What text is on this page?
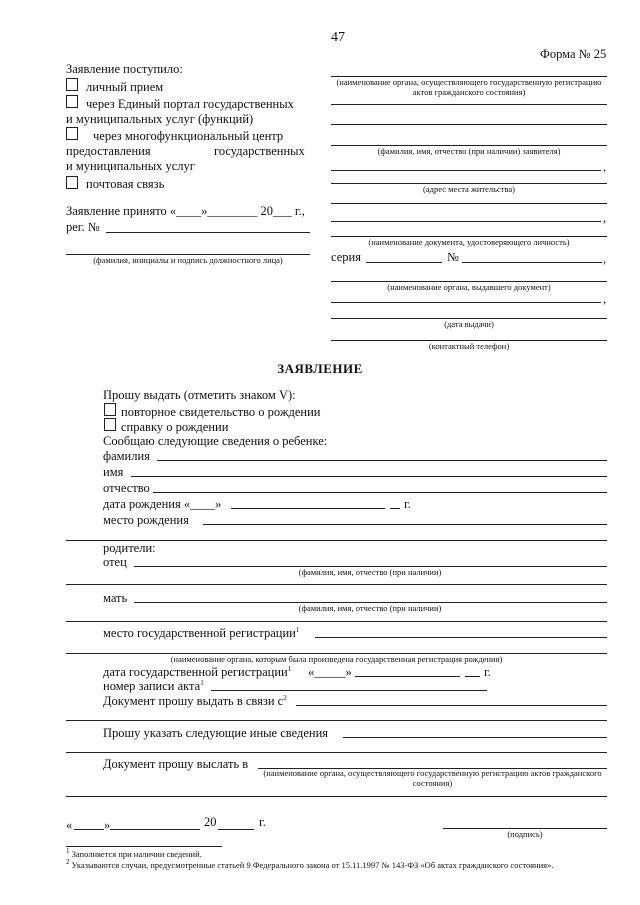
47
Форма № 25
Заявление поступило:
личный прием
через Единый портал государственных
и муниципальных услуг (функций)
через многофункциональный центр
предоставления	государственных
и муниципальных услуг
почтовая связь
Заявление принято «____»________ 20___ г.,
рег. №
(фамилия, инициалы и подпись должностного лица)
(наименование органа, осуществляющего государственную регистрацию актов гражданского состояния)
(фамилия, имя, отчество (при наличии) заявителя)
,
(адрес места жительства)
,
(наименование документа, удостоверяющего личность)
серия	№	,
(наименование органа, выдавшего документ)
,
(дата выдачи)
(контактный телефон)
ЗАЯВЛЕНИЕ
Прошу выдать (отметить знаком V):
повторное свидетельство о рождении
справку о рождении
Сообщаю следующие сведения о ребенке:
фамилия
имя
отчество
дата рождения «____»	г.
место рождения
родители:
отец
(фамилия, имя, отчество (при наличии)
мать
(фамилия, имя, отчество (при наличии)
место государственной регистрации$^1$
(наименование органа, которым была произведена государственная регистрация рождения)
дата государственной регистрации$^1$ «_____»	г.
номер записи акта$^1$
Документ прошу выдать в связи $с^2$
Прошу указать следующие иные сведения
Документ прошу выслать в
(наименование органа, осуществляющего государственную регистрацию актов гражданского состояния)
«	»	20	г.
(подпись)
$^1$ Заполняется при наличии сведений.
$^2$ Указываются случаи, предусмотренные статьей 9 Федерального закона от 15.11.1997 № 143-ФЗ «Об актах гражданского состояния».
